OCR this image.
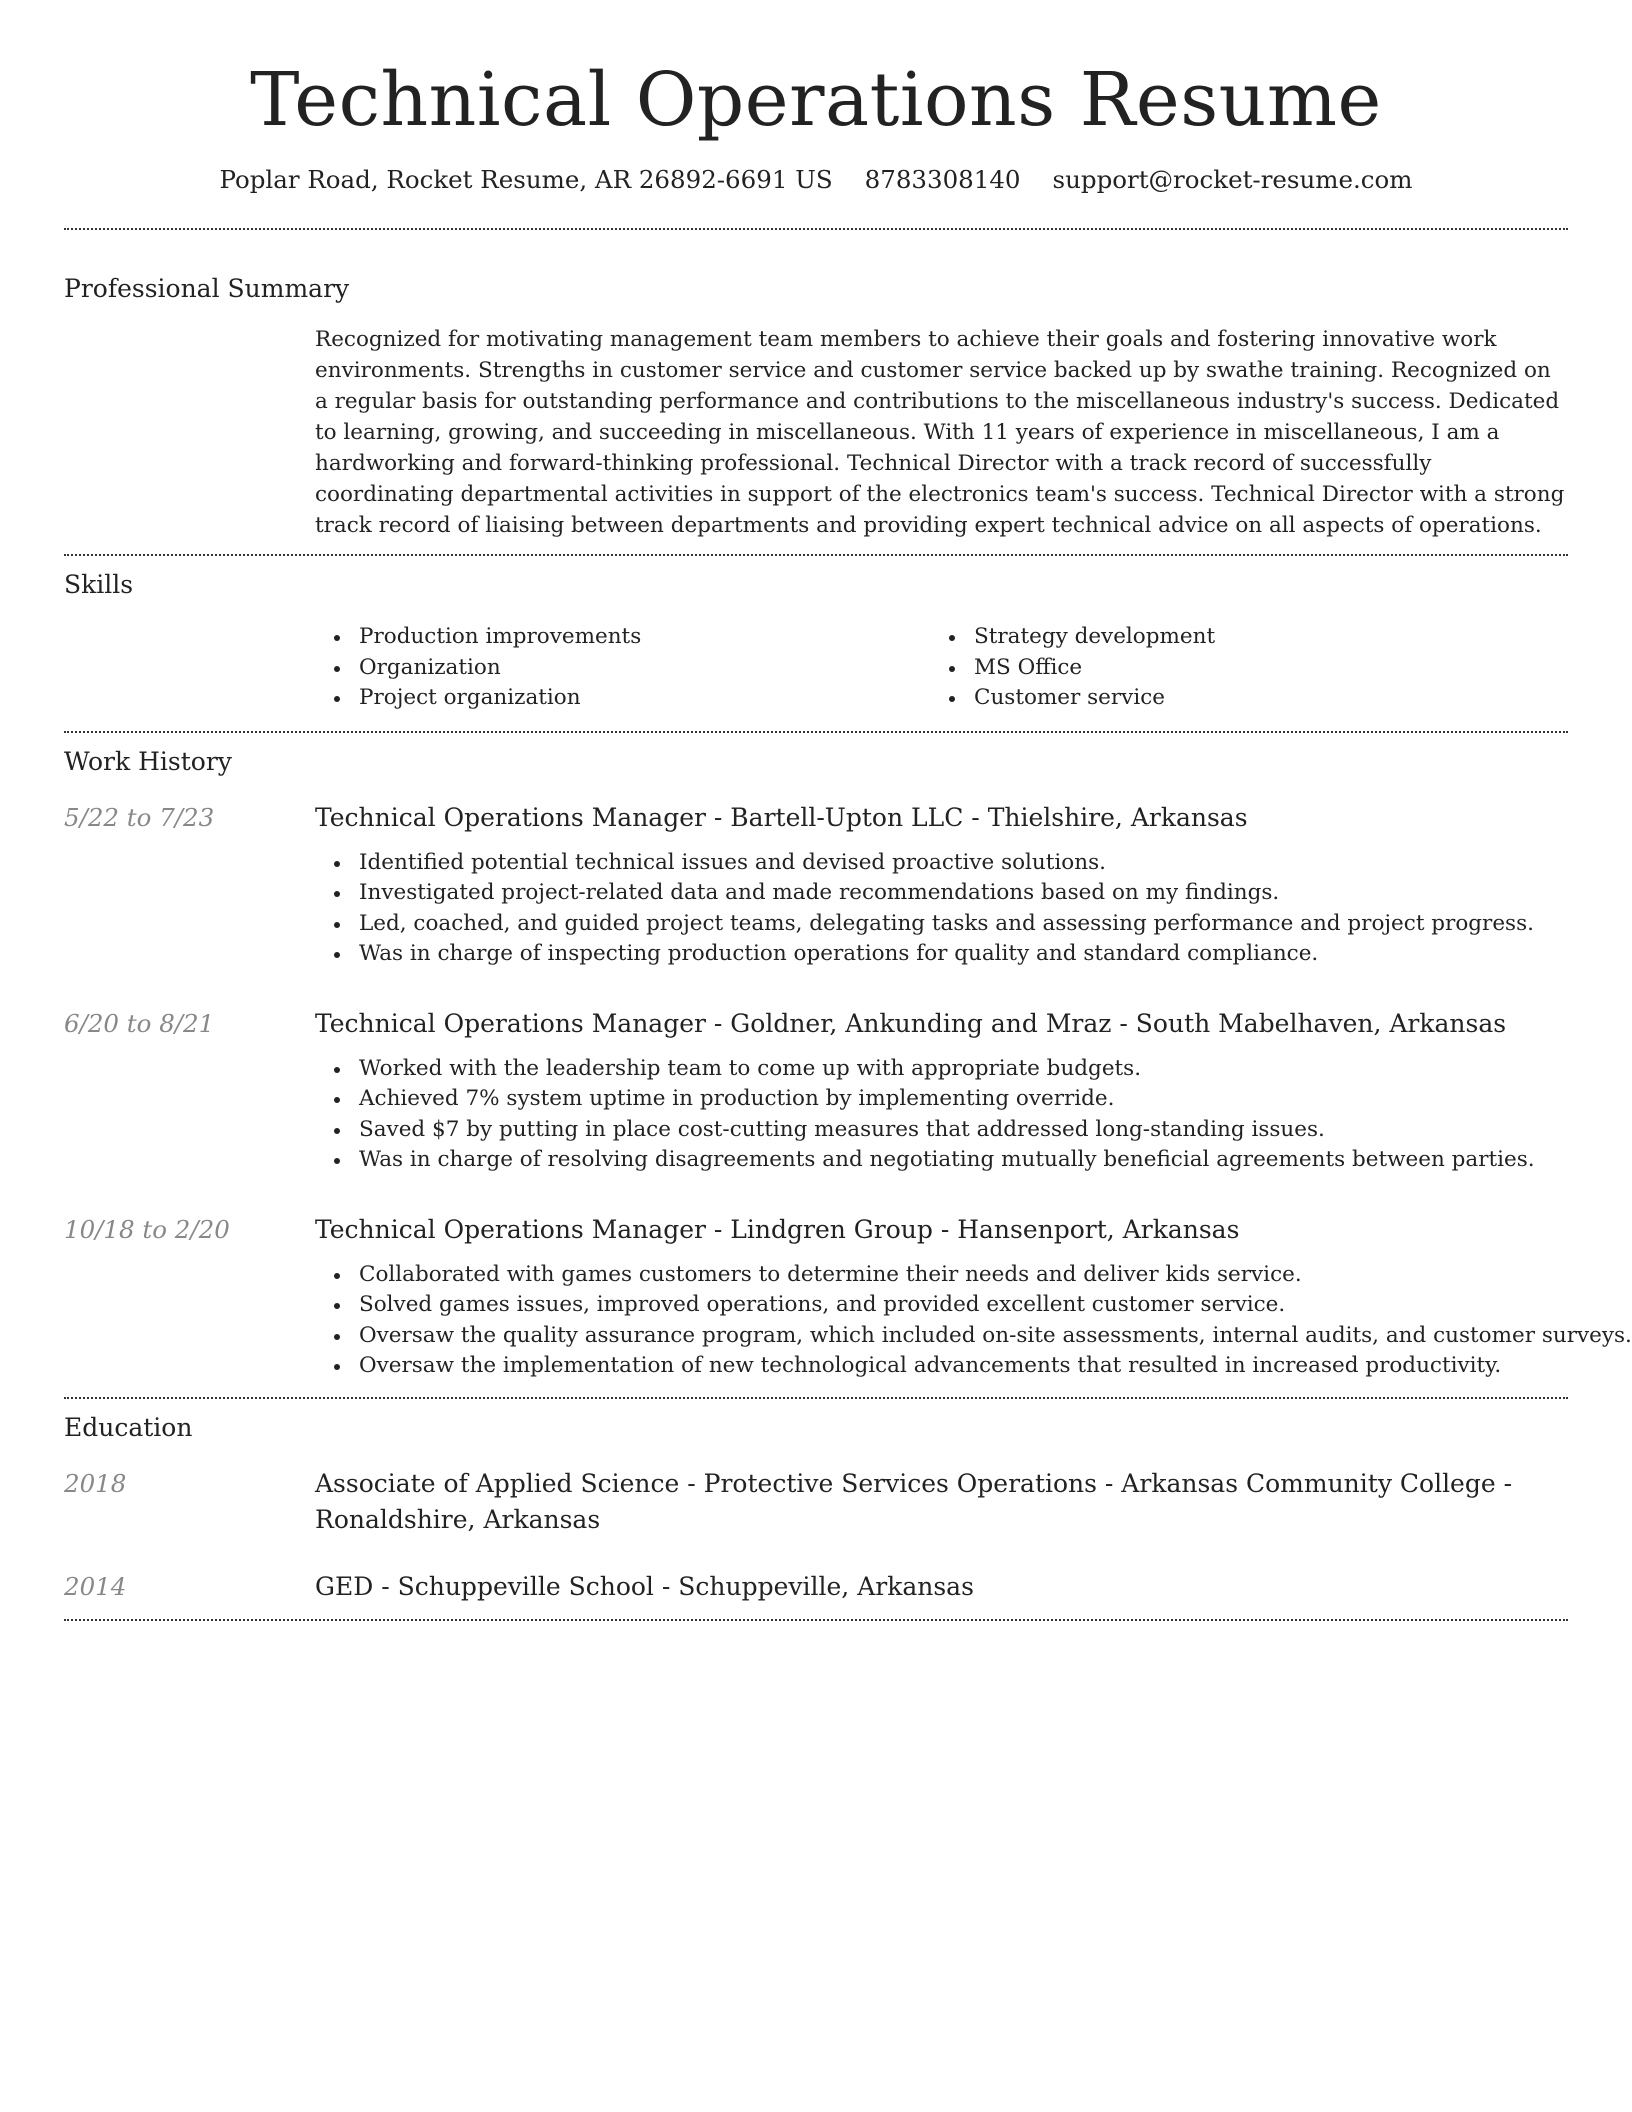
Technical Operations Resume
Poplar Road, Rocket Resume, AR 26892-6691 US 8783308140 support@rocket-resume.com
Professional Summary
Recognized for motivating management team members to achieve their goals and fostering innovative work environments. Strengths in customer service and customer service backed up by swathe training. Recognized on a regular basis for outstanding performance and contributions to the miscellaneous industry's success. Dedicated to learning, growing, and succeeding in miscellaneous. With 11 years of experience in miscellaneous, I am a hardworking and forward-thinking professional. Technical Director with a track record of successfully coordinating departmental activities in support of the electronics team's success. Technical Director with a strong track record of liaising between departments and providing expert technical advice on all aspects of operations.
Skills
Production improvements
Organization
Project organization
Strategy development
MS Office
Customer service
Work History
5/22 to 7/23	Technical Operations Manager - Bartell-Upton LLC - Thielshire, Arkansas
Identified potential technical issues and devised proactive solutions.
Investigated project-related data and made recommendations based on my findings.
Led, coached, and guided project teams, delegating tasks and assessing performance and project progress.
Was in charge of inspecting production operations for quality and standard compliance.
6/20 to 8/21	Technical Operations Manager - Goldner, Ankunding and Mraz - South Mabelhaven, Arkansas
Worked with the leadership team to come up with appropriate budgets.
Achieved 7% system uptime in production by implementing override.
Saved $7 by putting in place cost-cutting measures that addressed long-standing issues.
Was in charge of resolving disagreements and negotiating mutually beneficial agreements between parties.
10/18 to 2/20	Technical Operations Manager - Lindgren Group - Hansenport, Arkansas
Collaborated with games customers to determine their needs and deliver kids service.
Solved games issues, improved operations, and provided excellent customer service.
Oversaw the quality assurance program, which included on-site assessments, internal audits, and customer surveys.
Oversaw the implementation of new technological advancements that resulted in increased productivity.
Education
2018	Associate of Applied Science - Protective Services Operations - Arkansas Community College - Ronaldshire, Arkansas
2014	GED - Schuppeville School - Schuppeville, Arkansas
